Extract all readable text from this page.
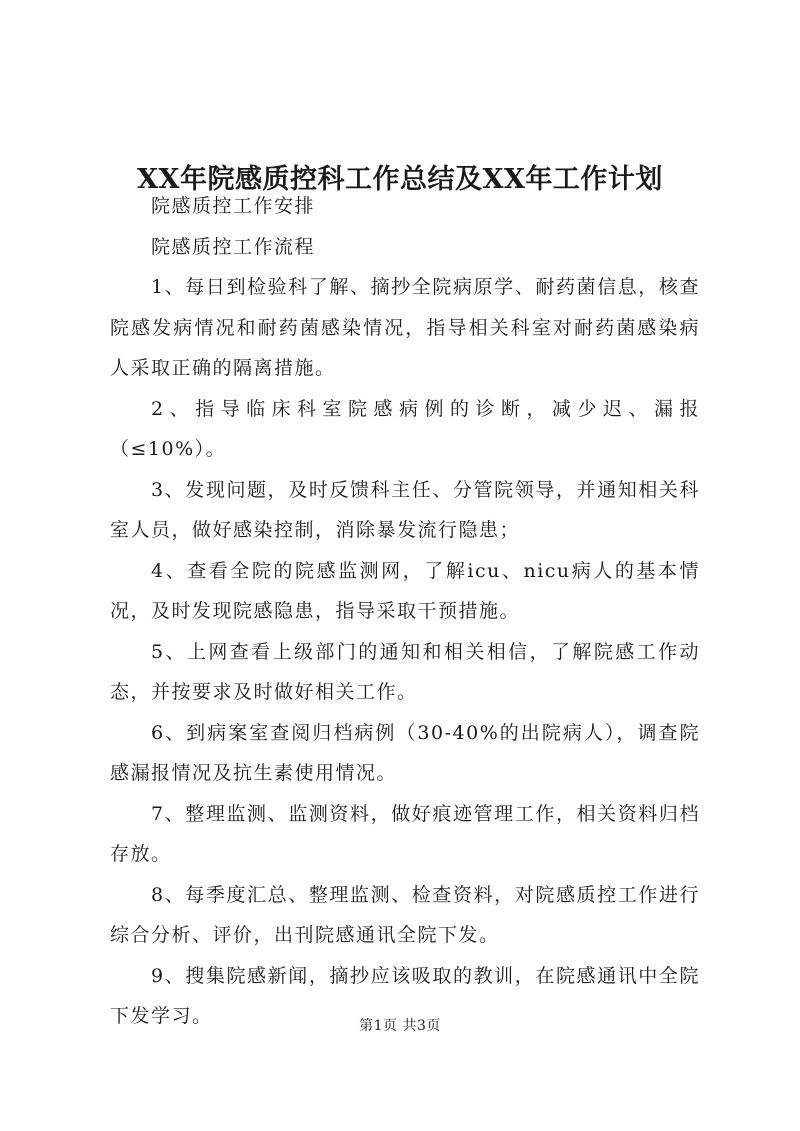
XX年院感质控科工作总结及XX年工作计划

院感质控工作安排

院感质控工作流程

1、每日到检验科了解、摘抄全院病原学、耐药菌信息，核查院感发病情况和耐药菌感染情况，指导相关科室对耐药菌感染病人采取正确的隔离措施。

2、指导临床科室院感病例的诊断，减少迟、漏报（≤10%）。

3、发现问题，及时反馈科主任、分管院领导，并通知相关科室人员，做好感染控制，消除暴发流行隐患；

4、查看全院的院感监测网，了解icu、nicu病人的基本情况，及时发现院感隐患，指导采取干预措施。

5、上网查看上级部门的通知和相关相信，了解院感工作动态，并按要求及时做好相关工作。

6、到病案室查阅归档病例（30-40%的出院病人），调查院感漏报情况及抗生素使用情况。

7、整理监测、监测资料，做好痕迹管理工作，相关资料归档存放。

8、每季度汇总、整理监测、检查资料，对院感质控工作进行综合分析、评价，出刊院感通讯全院下发。

9、搜集院感新闻，摘抄应该吸取的教训，在院感通讯中全院下发学习。	第1页 共3页
